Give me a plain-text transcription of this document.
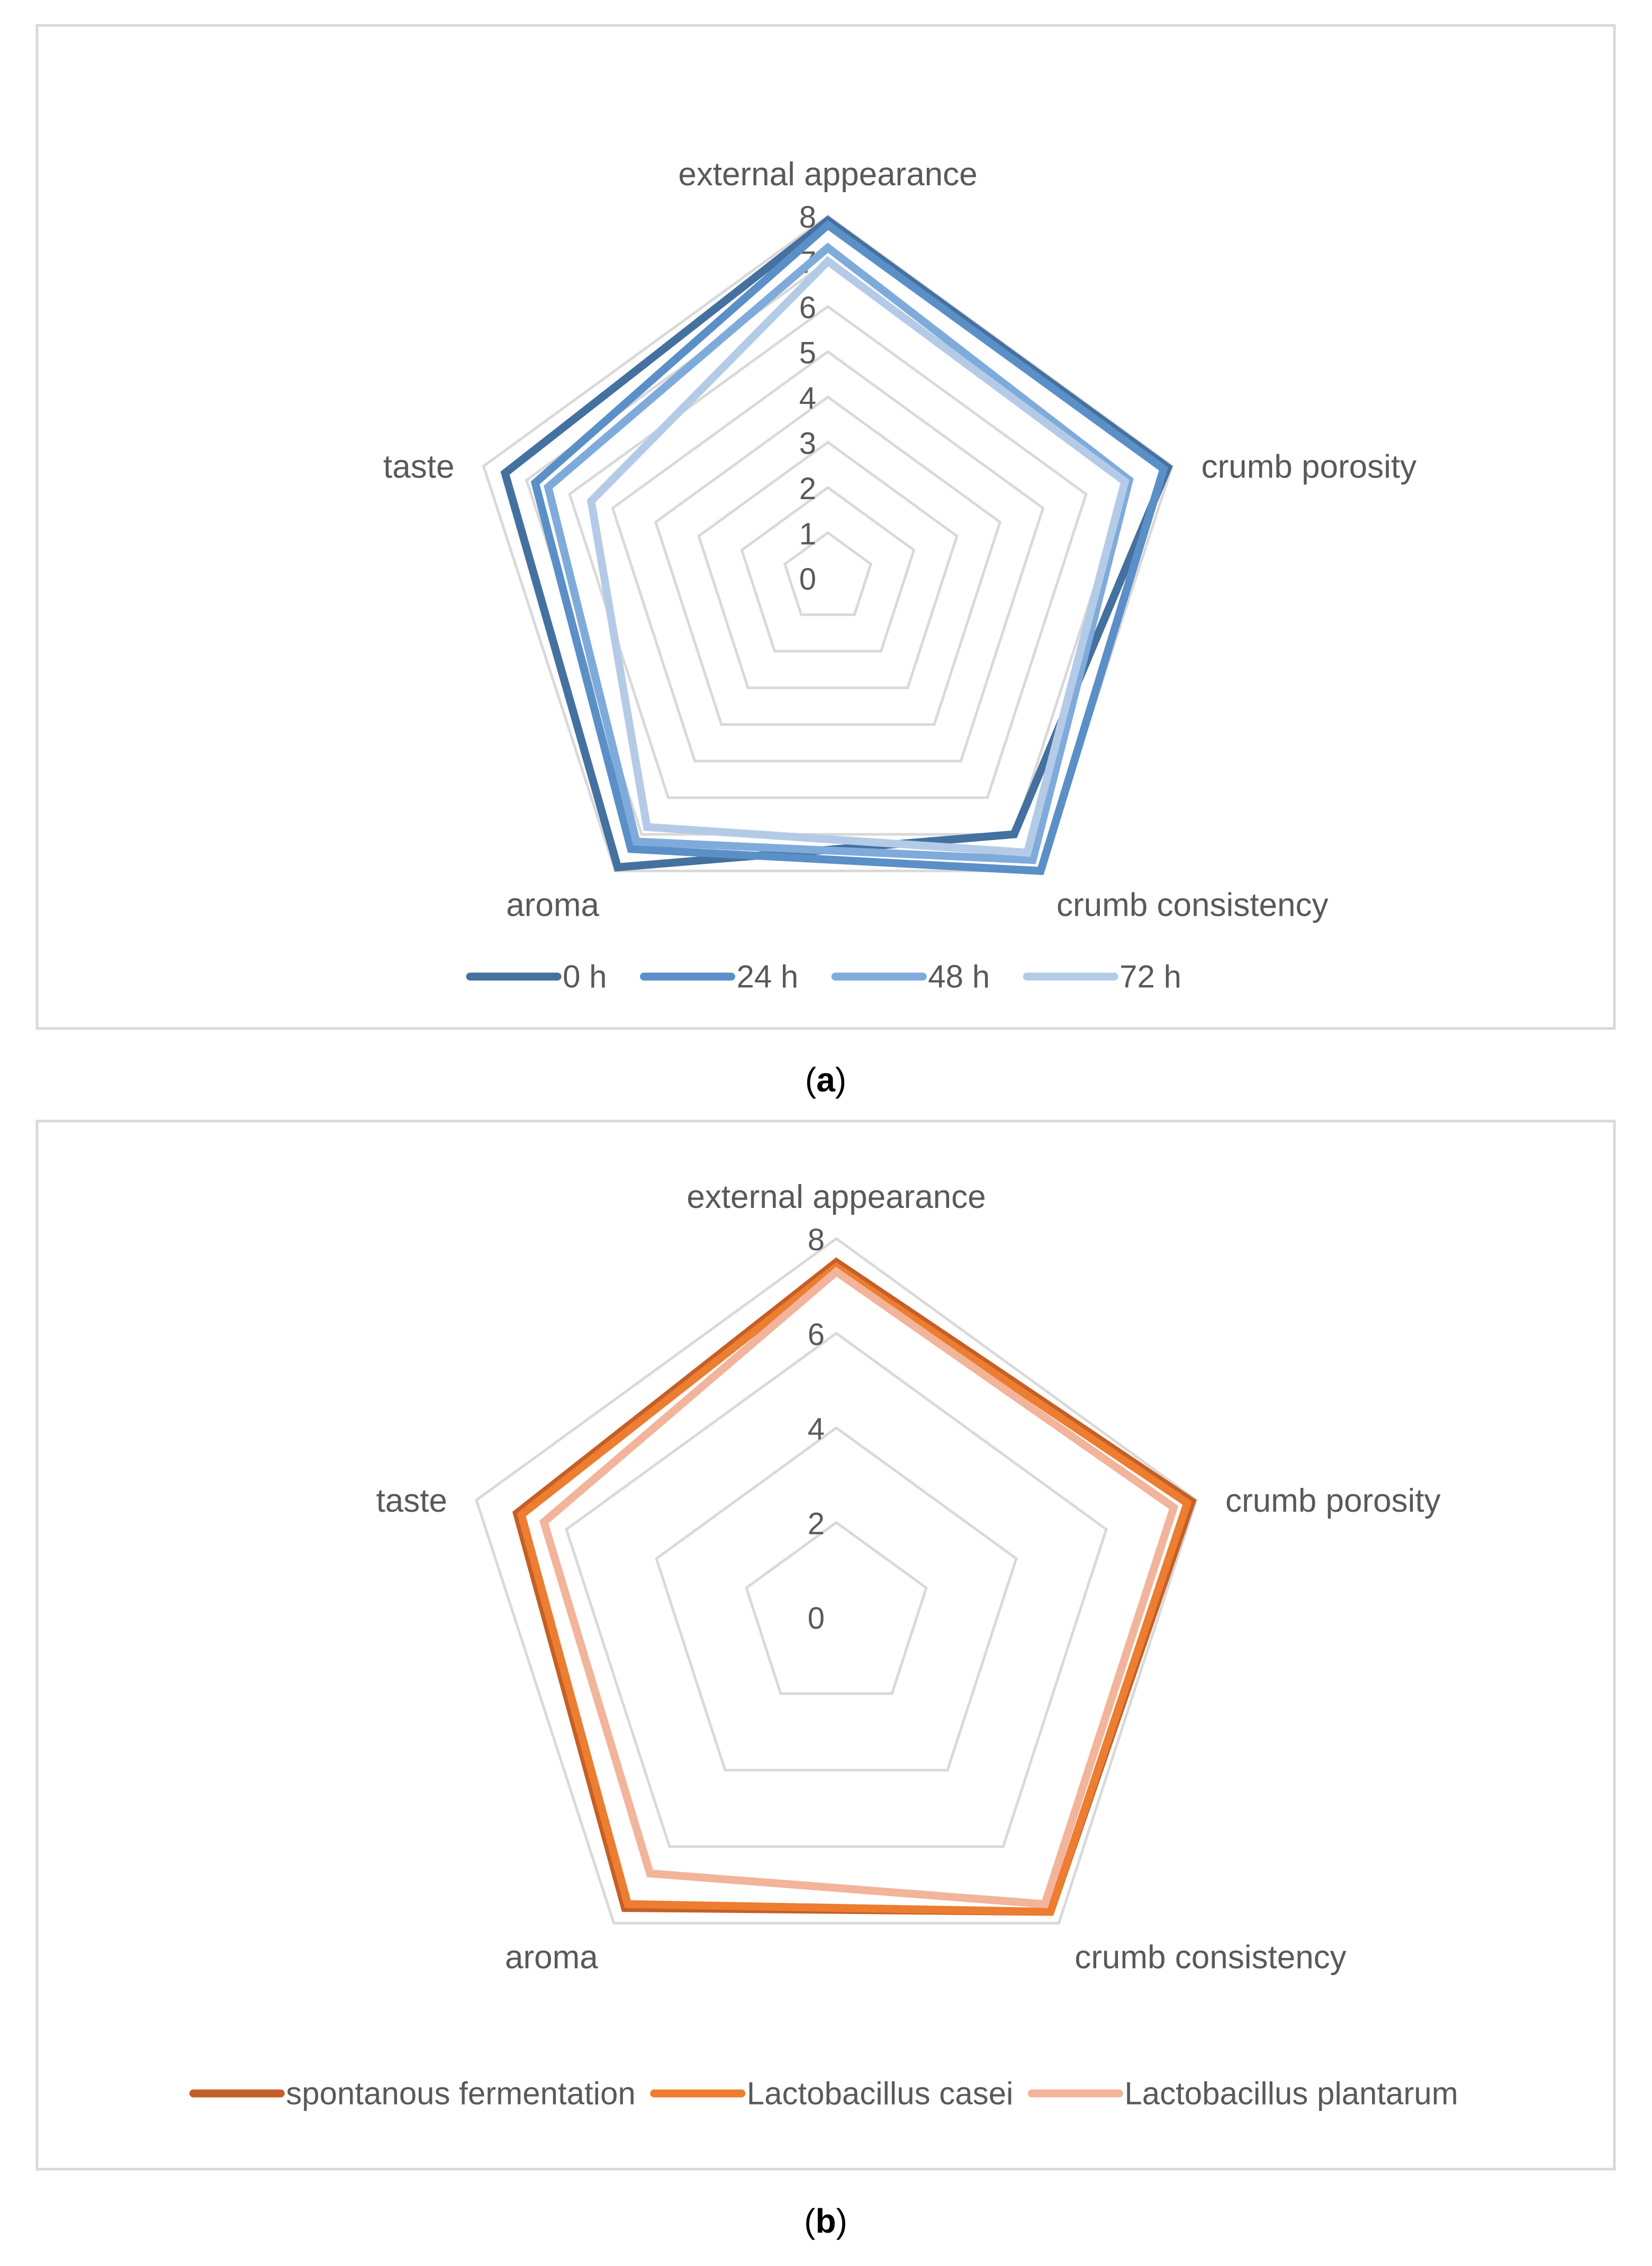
0
1
2
3
4
5
6
7
8
external appearance
crumb porosity
crumb consistency
aroma
taste
0 h	24 h	48 h	72 h
(a)
0
2
4
6
8
external appearance
crumb porosity
crumb consistency
aroma
taste
spontanous fermentation	Lactobacillus casei	Lactobacillus plantarum
(b)
